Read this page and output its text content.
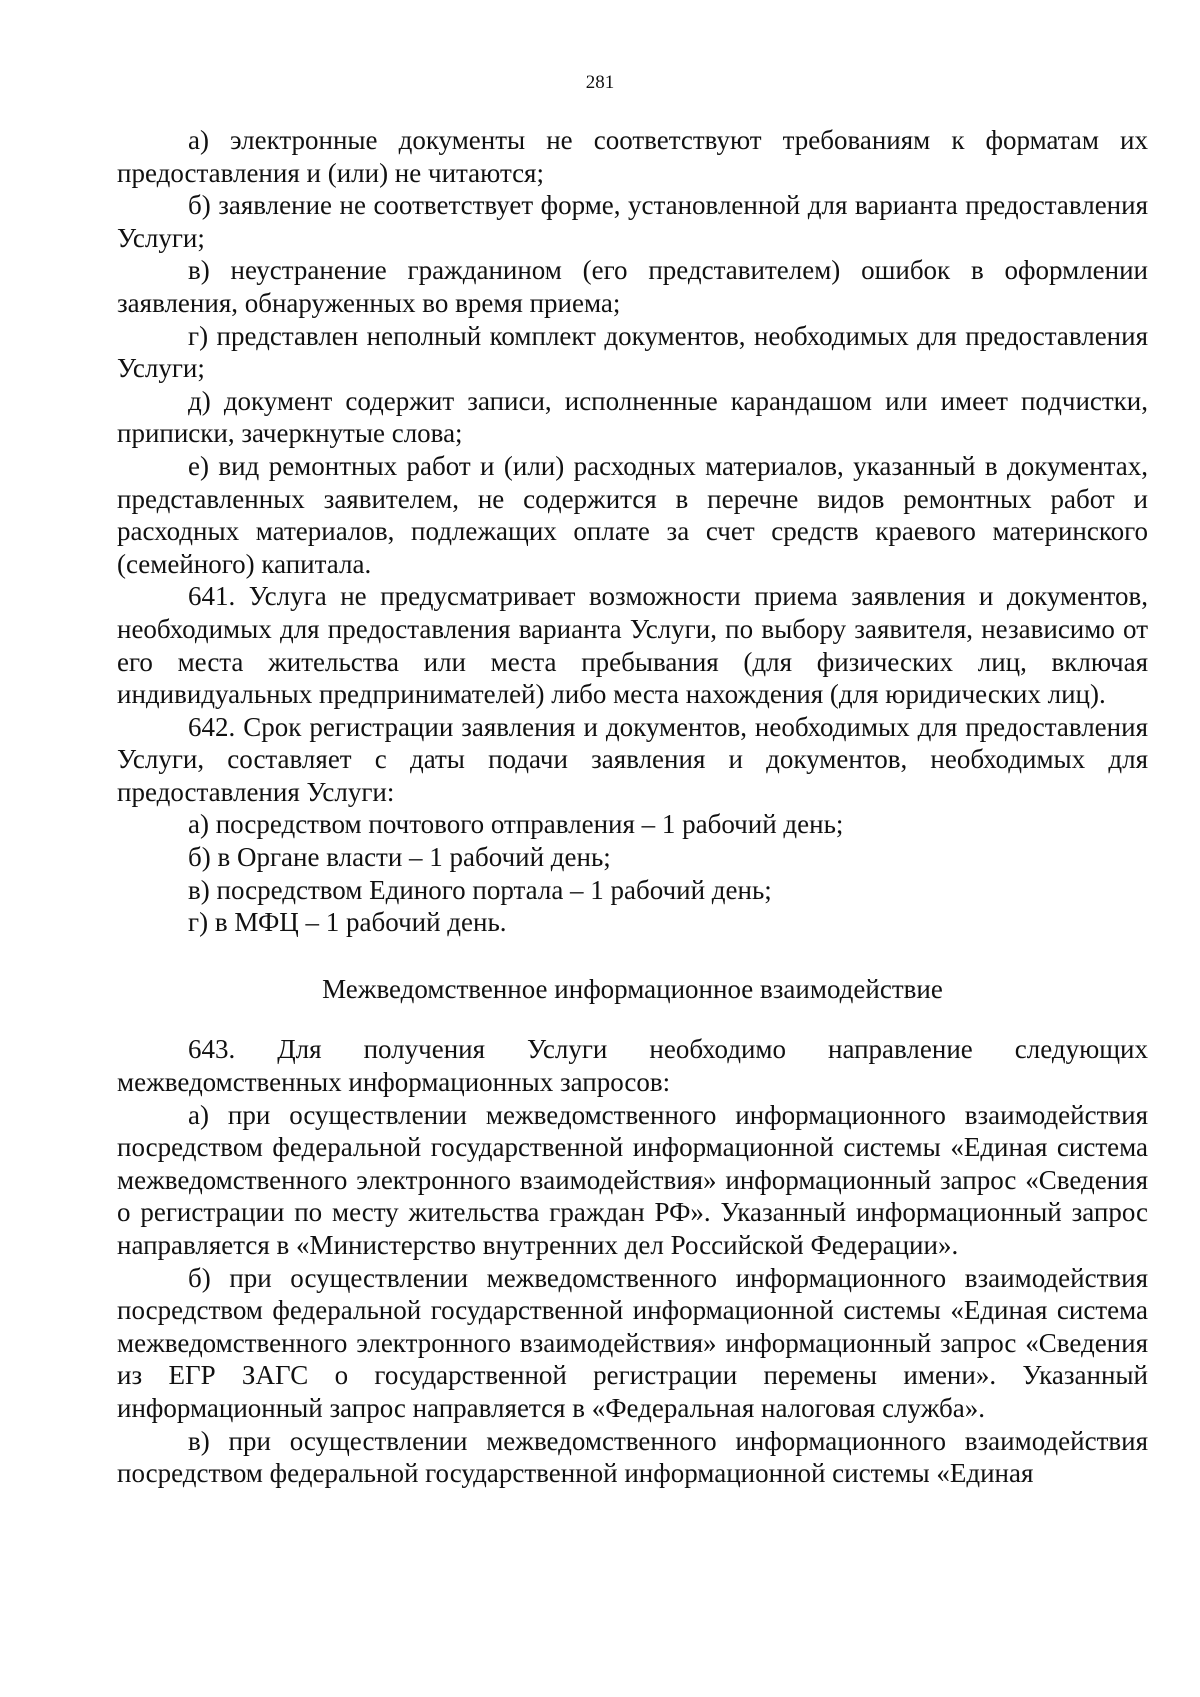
281

а) электронные документы не соответствуют требованиям к форматам их предоставления и (или) не читаются;

б) заявление не соответствует форме, установленной для варианта предоставления Услуги;

в) неустранение гражданином (его представителем) ошибок в оформлении заявления, обнаруженных во время приема;

г) представлен неполный комплект документов, необходимых для предоставления Услуги;

д) документ содержит записи, исполненные карандашом или имеет подчистки, приписки, зачеркнутые слова;

е) вид ремонтных работ и (или) расходных материалов, указанный в документах, представленных заявителем, не содержится в перечне видов ремонтных работ и расходных материалов, подлежащих оплате за счет средств краевого материнского (семейного) капитала.

641. Услуга не предусматривает возможности приема заявления и документов, необходимых для предоставления варианта Услуги, по выбору заявителя, независимо от его места жительства или места пребывания (для физических лиц, включая индивидуальных предпринимателей) либо места нахождения (для юридических лиц).

642. Срок регистрации заявления и документов, необходимых для предоставления Услуги, составляет с даты подачи заявления и документов, необходимых для предоставления Услуги:

а) посредством почтового отправления – 1 рабочий день;

б) в Органе власти – 1 рабочий день;

в) посредством Единого портала – 1 рабочий день;

г) в МФЦ – 1 рабочий день.

Межведомственное информационное взаимодействие

643. Для получения Услуги необходимо направление следующих межведомственных информационных запросов:

а) при осуществлении межведомственного информационного взаимодействия посредством федеральной государственной информационной системы «Единая система межведомственного электронного взаимодействия» информационный запрос «Сведения о регистрации по месту жительства граждан РФ». Указанный информационный запрос направляется в «Министерство внутренних дел Российской Федерации».

б) при осуществлении межведомственного информационного взаимодействия посредством федеральной государственной информационной системы «Единая система межведомственного электронного взаимодействия» информационный запрос «Сведения из ЕГР ЗАГС о государственной регистрации перемены имени». Указанный информационный запрос направляется в «Федеральная налоговая служба».

в) при осуществлении межведомственного информационного взаимодействия посредством федеральной государственной информационной системы «Единая
